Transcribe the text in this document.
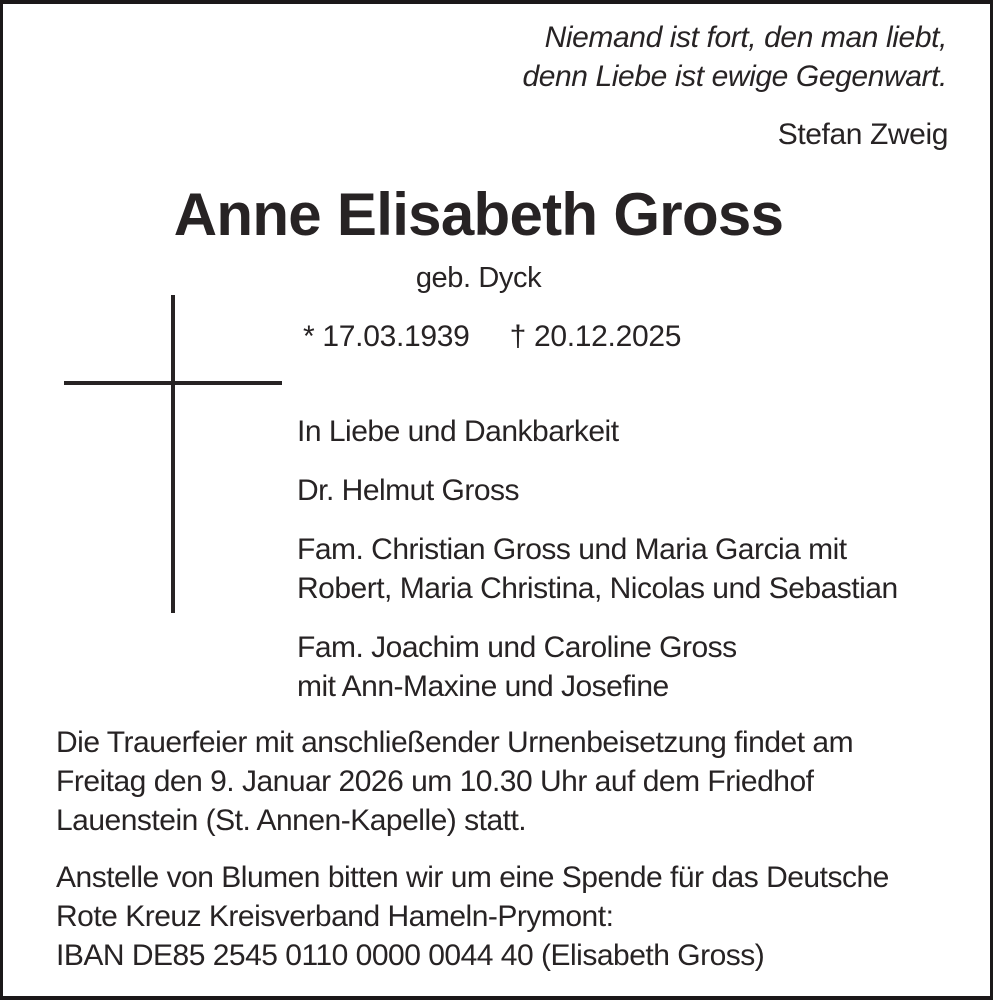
Niemand ist fort, den man liebt,
denn Liebe ist ewige Gegenwart.
Stefan Zweig
Anne Elisabeth Gross
geb. Dyck
* 17.03.1939 † 20.12.2025
In Liebe und Dankbarkeit
Dr. Helmut Gross
Fam. Christian Gross und Maria Garcia mit
Robert, Maria Christina, Nicolas und Sebastian
Fam. Joachim und Caroline Gross
mit Ann-Maxine und Josefine
Die Trauerfeier mit anschließender Urnenbeisetzung findet am
Freitag den 9. Januar 2026 um 10.30 Uhr auf dem Friedhof
Lauenstein (St. Annen-Kapelle) statt.
Anstelle von Blumen bitten wir um eine Spende für das Deutsche
Rote Kreuz Kreisverband Hameln-Prymont:
IBAN DE85 2545 0110 0000 0044 40 (Elisabeth Gross)
